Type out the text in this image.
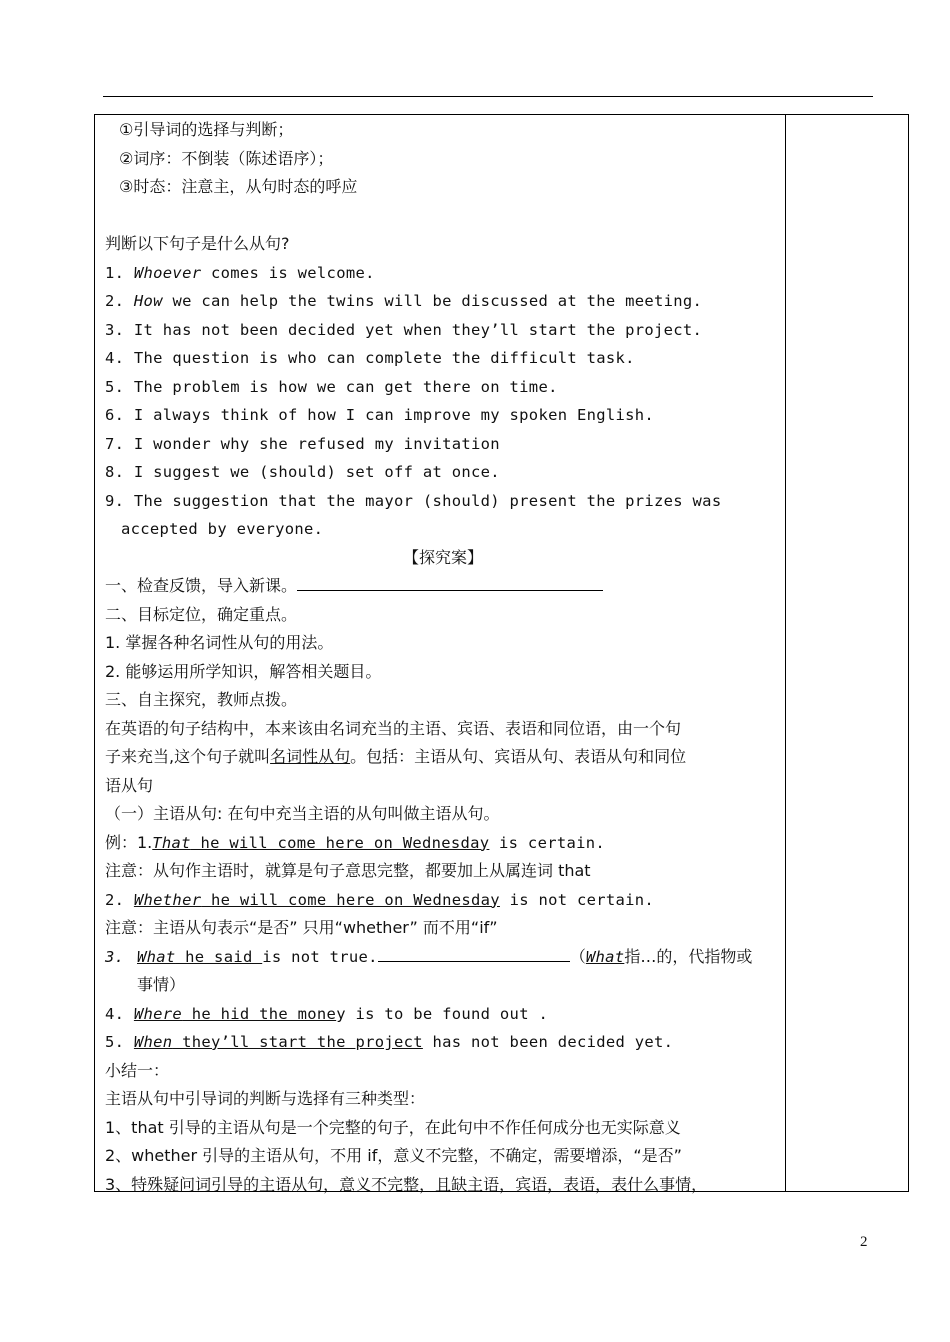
①引导词的选择与判断；
②词序：不倒装（陈述语序）；
③时态：注意主，从句时态的呼应
判断以下句子是什么从句?
1. Whoever comes is welcome.
2. How we can help the twins will be discussed at the meeting.
3. It has not been decided yet when they’ll start the project.
4. The question is who can complete the difficult task.
5. The problem is how we can get there on time.
6. I always think of how I can improve my spoken English.
7. I wonder why she refused my invitation
8. I suggest we (should) set off at once.
9. The suggestion that the mayor (should) present the prizes was
accepted by everyone.
【探究案】
一、检查反馈，导入新课。
二、目标定位，确定重点。
1. 掌握各种名词性从句的用法。
2. 能够运用所学知识，解答相关题目。
三、自主探究，教师点拨。
在英语的句子结构中，本来该由名词充当的主语、宾语、表语和同位语，由一个句
子来充当,这个句子就叫名词性从句。包括：主语从句、宾语从句、表语从句和同位
语从句
（一）主语从句: 在句中充当主语的从句叫做主语从句。
例：1.That he will come here on Wednesday is certain.
注意：从句作主语时，就算是句子意思完整，都要加上从属连词 that
2. Whether he will come here on Wednesday is not certain.
注意：主语从句表示“是否” 只用“whether” 而不用“if”
3. What he said is not true.	（What指…的，代指物或
事情）
4. Where he hid the money is to be found out .
5. When they’ll start the project has not been decided yet.
小结一：
主语从句中引导词的判断与选择有三种类型：
1、that 引导的主语从句是一个完整的句子，在此句中不作任何成分也无实际意义
2、whether 引导的主语从句，不用 if，意义不完整，不确定，需要增添，“是否”
3、特殊疑问词引导的主语从句，意义不完整，且缺主语，宾语，表语，表什么事情，
2
